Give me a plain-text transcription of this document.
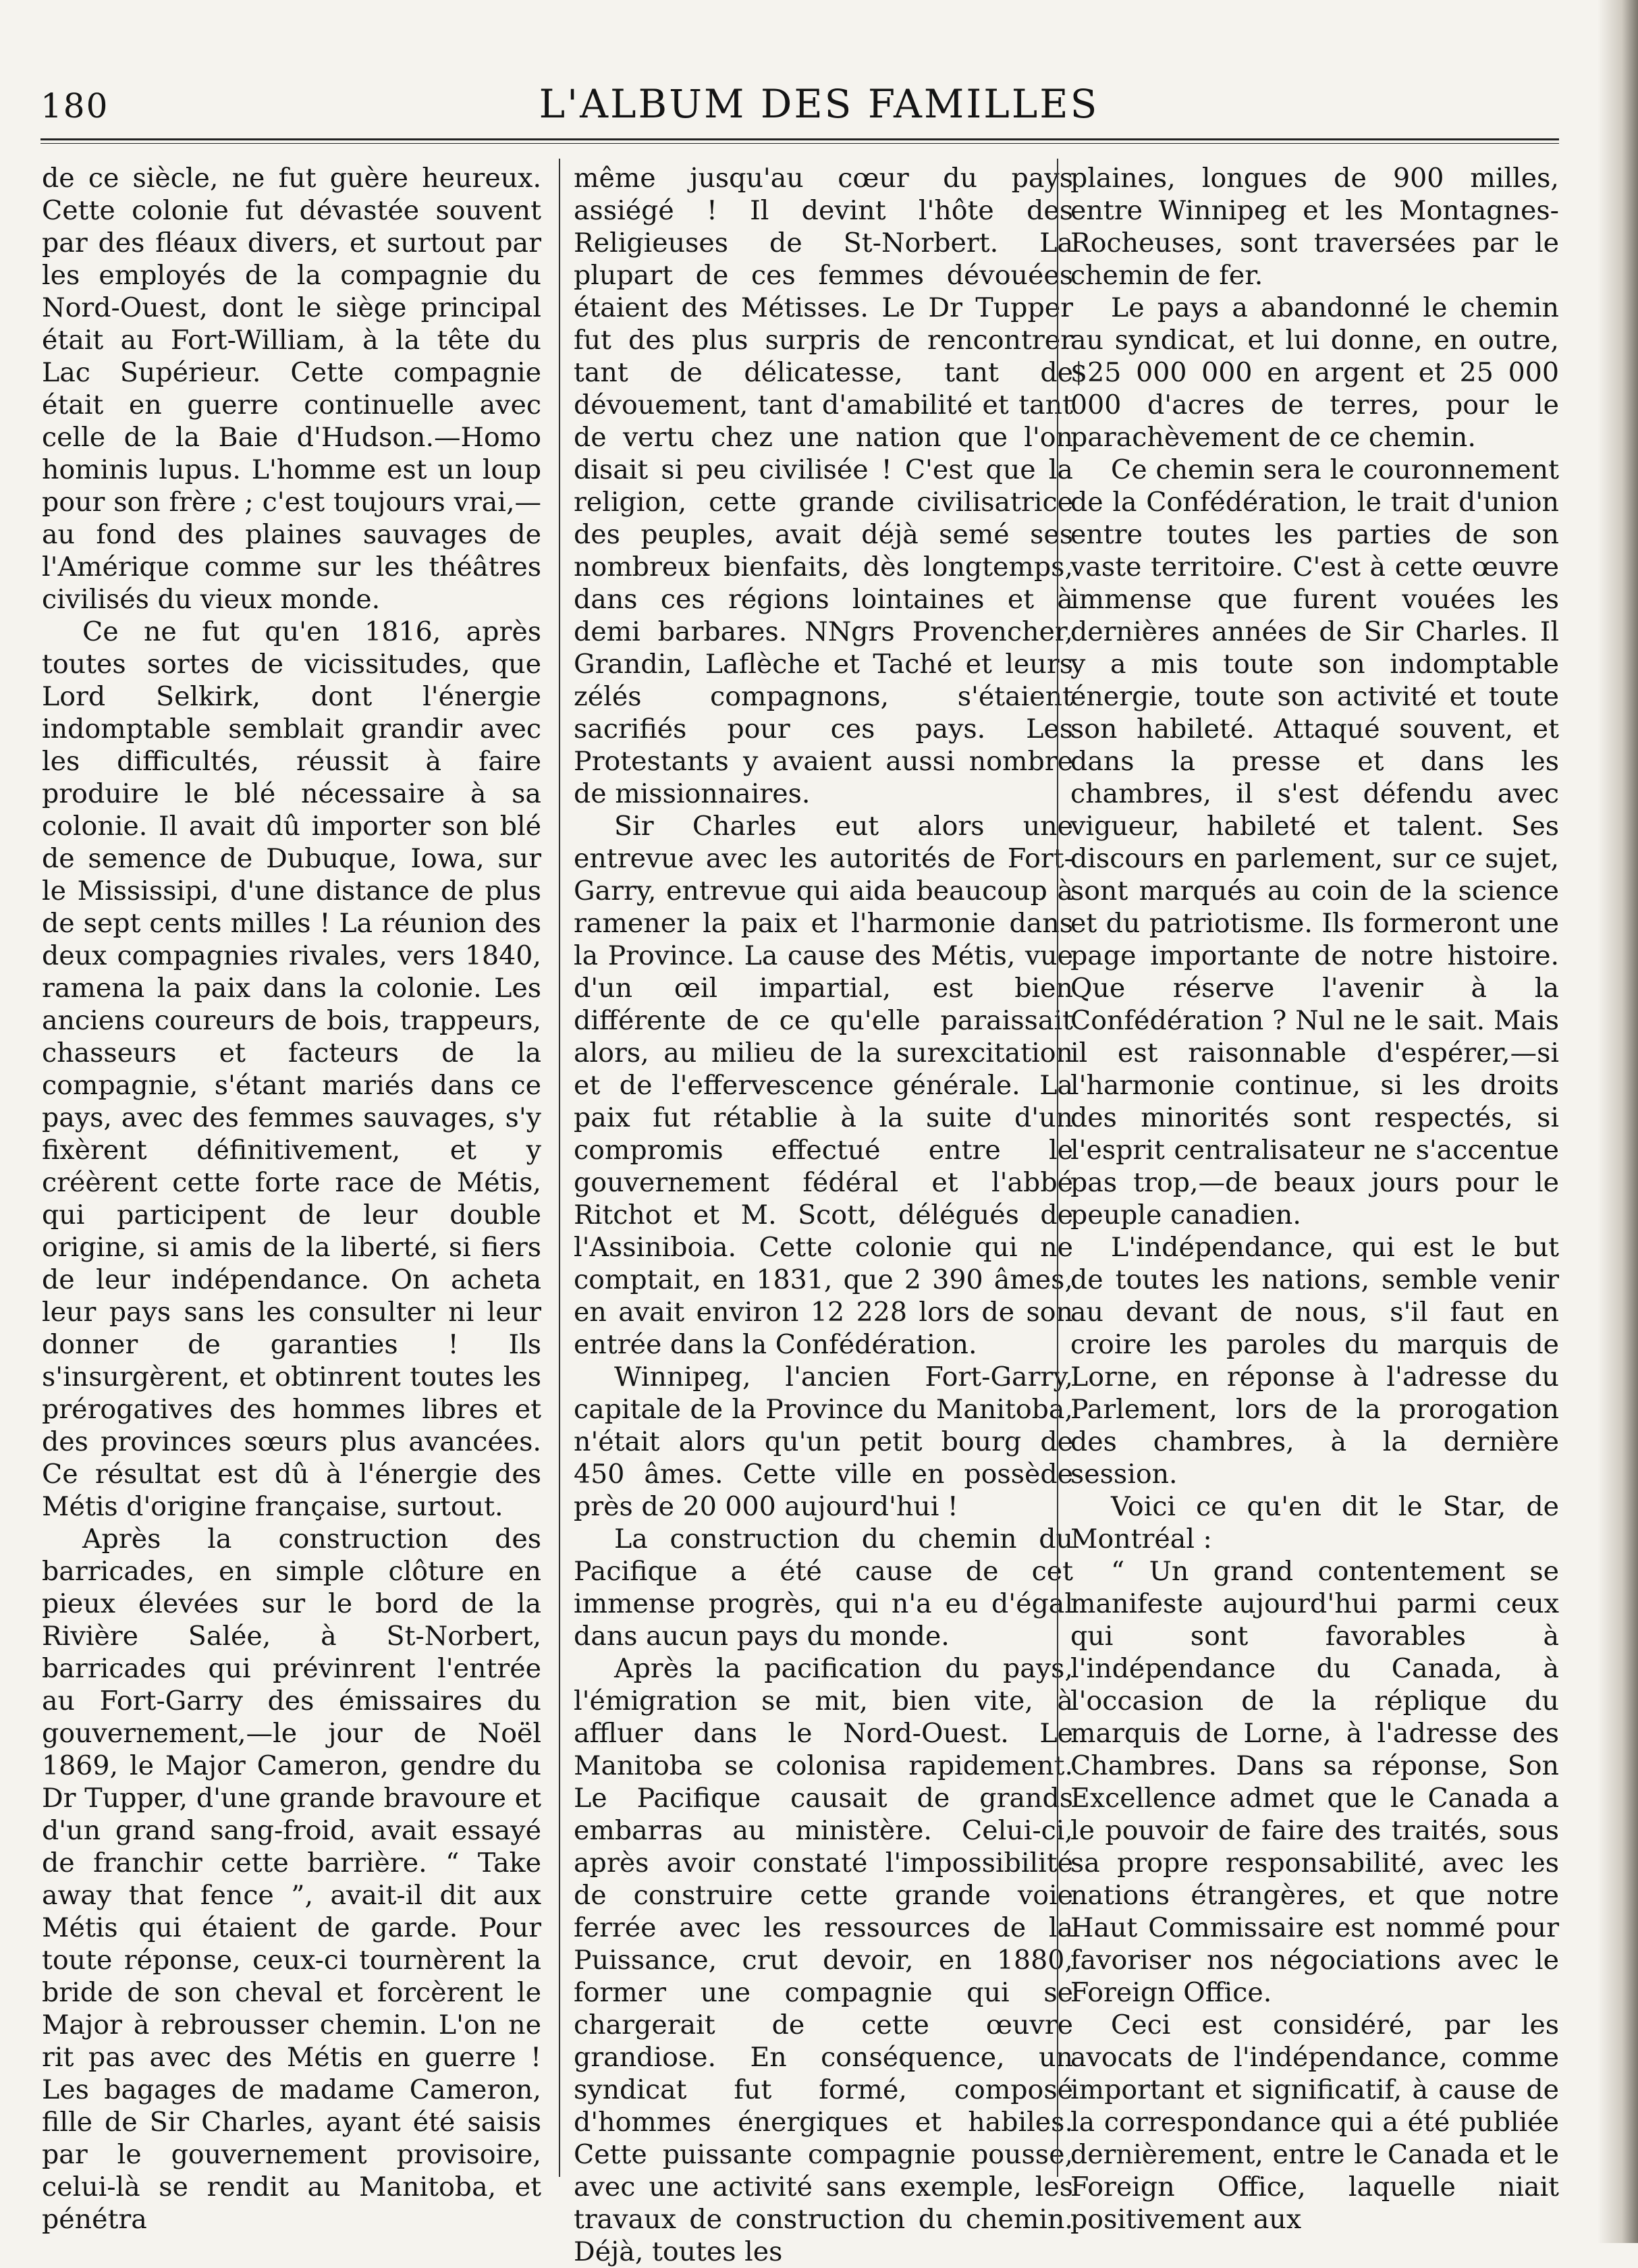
180	L'ALBUM DES FAMILLES

de ce siècle, ne fut guère heureux. Cette colonie fut dévastée souvent par des fléaux divers, et surtout par les employés de la compagnie du Nord-Ouest, dont le siège principal était au Fort-William, à la tête du Lac Supérieur. Cette compagnie était en guerre continuelle avec celle de la Baie d'Hudson.—Homo hominis lupus. L'homme est un loup pour son frère ; c'est toujours vrai,—au fond des plaines sauvages de l'Amérique comme sur les théâtres civilisés du vieux monde.

Ce ne fut qu'en 1816, après toutes sortes de vicissitudes, que Lord Selkirk, dont l'énergie indomptable semblait grandir avec les difficultés, réussit à faire produire le blé nécessaire à sa colonie. Il avait dû importer son blé de semence de Dubuque, Iowa, sur le Mississipi, d'une distance de plus de sept cents milles ! La réunion des deux compagnies rivales, vers 1840, ramena la paix dans la colonie. Les anciens coureurs de bois, trappeurs, chasseurs et facteurs de la compagnie, s'étant mariés dans ce pays, avec des femmes sauvages, s'y fixèrent définitivement, et y créèrent cette forte race de Métis, qui participent de leur double origine, si amis de la liberté, si fiers de leur indépendance. On acheta leur pays sans les consulter ni leur donner de garanties ! Ils s'insurgèrent, et obtinrent toutes les prérogatives des hommes libres et des provinces sœurs plus avancées. Ce résultat est dû à l'énergie des Métis d'origine française, surtout.

Après la construction des barricades, en simple clôture en pieux élevées sur le bord de la Rivière Salée, à St-Norbert, barricades qui prévinrent l'entrée au Fort-Garry des émissaires du gouvernement,—le jour de Noël 1869, le Major Cameron, gendre du Dr Tupper, d'une grande bravoure et d'un grand sang-froid, avait essayé de franchir cette barrière. “ Take away that fence ”, avait-il dit aux Métis qui étaient de garde. Pour toute réponse, ceux-ci tournèrent la bride de son cheval et forcèrent le Major à rebrousser chemin. L'on ne rit pas avec des Métis en guerre ! Les bagages de madame Cameron, fille de Sir Charles, ayant été saisis par le gouvernement provisoire, celui-là se rendit au Manitoba, et pénétra

même jusqu'au cœur du pays assiégé ! Il devint l'hôte des Religieuses de St-Norbert. La plupart de ces femmes dévouées étaient des Métisses. Le Dr Tupper fut des plus surpris de rencontrer tant de délicatesse, tant de dévouement, tant d'amabilité et tant de vertu chez une nation que l'on disait si peu civilisée ! C'est que la religion, cette grande civilisatrice des peuples, avait déjà semé ses nombreux bienfaits, dès longtemps, dans ces régions lointaines et à demi barbares. NNgrs Provencher, Grandin, Laflèche et Taché et leurs zélés compagnons, s'étaient sacrifiés pour ces pays. Les Protestants y avaient aussi nombre de missionnaires.

Sir Charles eut alors une entrevue avec les autorités de Fort-Garry, entrevue qui aida beaucoup à ramener la paix et l'harmonie dans la Province. La cause des Métis, vue d'un œil impartial, est bien différente de ce qu'elle paraissait alors, au milieu de la surexcitation et de l'effervescence générale. La paix fut rétablie à la suite d'un compromis effectué entre le gouvernement fédéral et l'abbé Ritchot et M. Scott, délégués de l'Assiniboia. Cette colonie qui ne comptait, en 1831, que 2 390 âmes, en avait environ 12 228 lors de son entrée dans la Confédération.

Winnipeg, l'ancien Fort-Garry, capitale de la Province du Manitoba, n'était alors qu'un petit bourg de 450 âmes. Cette ville en possède près de 20 000 aujourd'hui !

La construction du chemin du Pacifique a été cause de cet immense progrès, qui n'a eu d'égal dans aucun pays du monde.

Après la pacification du pays, l'émigration se mit, bien vite, à affluer dans le Nord-Ouest. Le Manitoba se colonisa rapidement. Le Pacifique causait de grands embarras au ministère. Celui-ci, après avoir constaté l'impossibilité de construire cette grande voie ferrée avec les ressources de la Puissance, crut devoir, en 1880, former une compagnie qui se chargerait de cette œuvre grandiose. En conséquence, un syndicat fut formé, composé d'hommes énergiques et habiles. Cette puissante compagnie pousse, avec une activité sans exemple, les travaux de construction du chemin. Déjà, toutes les

plaines, longues de 900 milles, entre Winnipeg et les Montagnes-Rocheuses, sont traversées par le chemin de fer.

Le pays a abandonné le chemin au syndicat, et lui donne, en outre, $25 000 000 en argent et 25 000 000 d'acres de terres, pour le parachèvement de ce chemin.

Ce chemin sera le couronnement de la Confédération, le trait d'union entre toutes les parties de son vaste territoire. C'est à cette œuvre immense que furent vouées les dernières années de Sir Charles. Il y a mis toute son indomptable énergie, toute son activité et toute son habileté. Attaqué souvent, et dans la presse et dans les chambres, il s'est défendu avec vigueur, habileté et talent. Ses discours en parlement, sur ce sujet, sont marqués au coin de la science et du patriotisme. Ils formeront une page importante de notre histoire. Que réserve l'avenir à la Confédération ? Nul ne le sait. Mais il est raisonnable d'espérer,—si l'harmonie continue, si les droits des minorités sont respectés, si l'esprit centralisateur ne s'accentue pas trop,—de beaux jours pour le peuple canadien.

L'indépendance, qui est le but de toutes les nations, semble venir au devant de nous, s'il faut en croire les paroles du marquis de Lorne, en réponse à l'adresse du Parlement, lors de la prorogation des chambres, à la dernière session.

Voici ce qu'en dit le Star, de Montréal :

“ Un grand contentement se manifeste aujourd'hui parmi ceux qui sont favorables à l'indépendance du Canada, à l'occasion de la réplique du marquis de Lorne, à l'adresse des Chambres. Dans sa réponse, Son Excellence admet que le Canada a le pouvoir de faire des traités, sous sa propre responsabilité, avec les nations étrangères, et que notre Haut Commissaire est nommé pour favoriser nos négociations avec le Foreign Office.

Ceci est considéré, par les avocats de l'indépendance, comme important et significatif, à cause de la correspondance qui a été publiée dernièrement, entre le Canada et le Foreign Office, laquelle niait positivement aux
